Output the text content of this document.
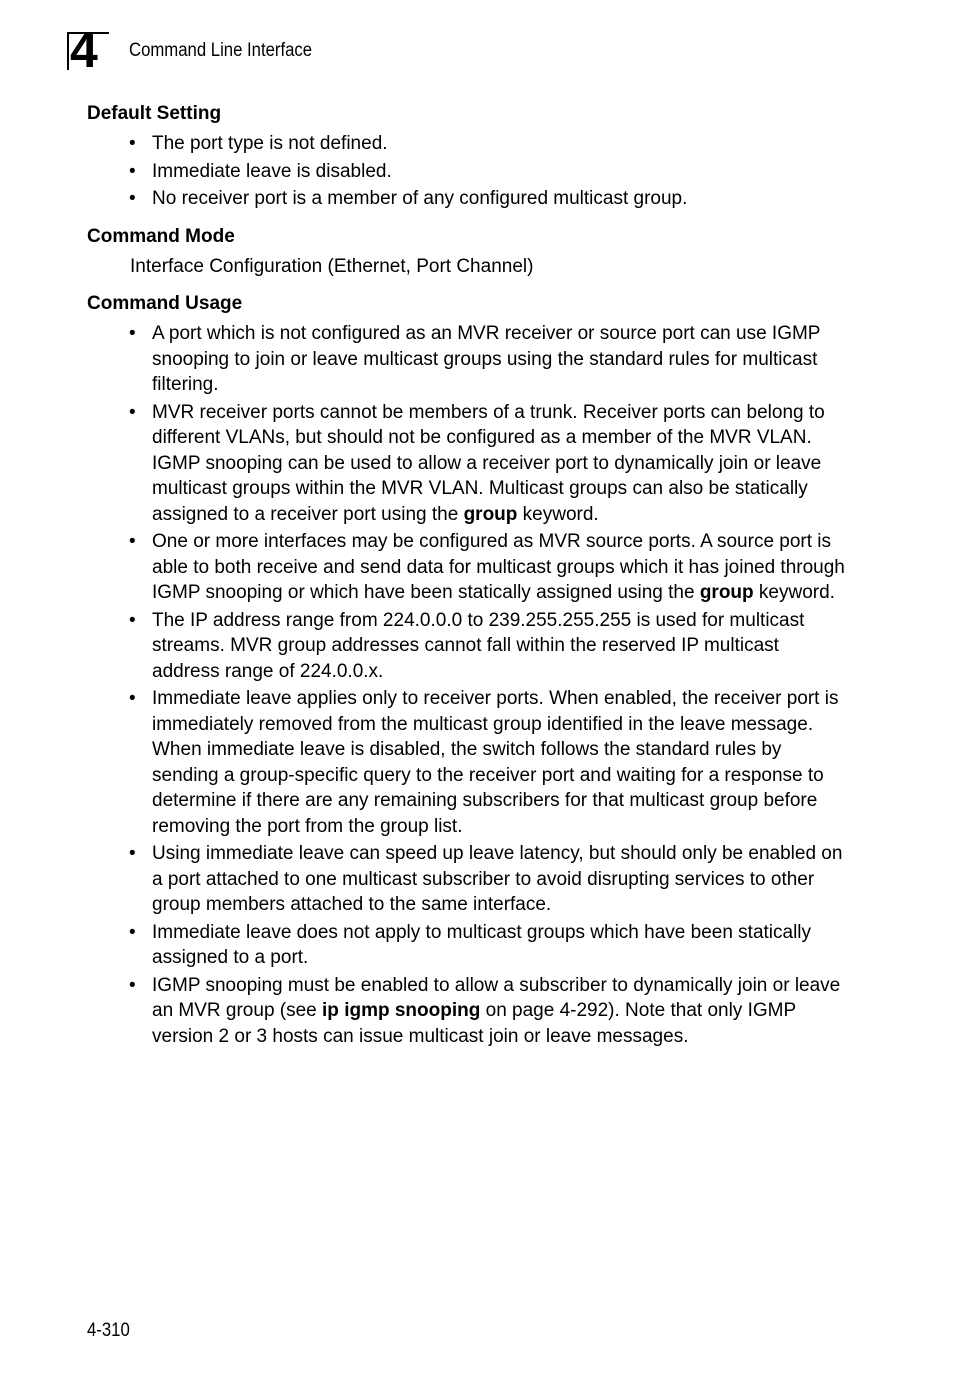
4 Command Line Interface

Default Setting

• The port type is not defined.
• Immediate leave is disabled.
• No receiver port is a member of any configured multicast group.

Command Mode

Interface Configuration (Ethernet, Port Channel)

Command Usage

• A port which is not configured as an MVR receiver or source port can use IGMP snooping to join or leave multicast groups using the standard rules for multicast filtering.
• MVR receiver ports cannot be members of a trunk. Receiver ports can belong to different VLANs, but should not be configured as a member of the MVR VLAN. IGMP snooping can be used to allow a receiver port to dynamically join or leave multicast groups within the MVR VLAN. Multicast groups can also be statically assigned to a receiver port using the group keyword.
• One or more interfaces may be configured as MVR source ports. A source port is able to both receive and send data for multicast groups which it has joined through IGMP snooping or which have been statically assigned using the group keyword.
• The IP address range from 224.0.0.0 to 239.255.255.255 is used for multicast streams. MVR group addresses cannot fall within the reserved IP multicast address range of 224.0.0.x.
• Immediate leave applies only to receiver ports. When enabled, the receiver port is immediately removed from the multicast group identified in the leave message. When immediate leave is disabled, the switch follows the standard rules by sending a group-specific query to the receiver port and waiting for a response to determine if there are any remaining subscribers for that multicast group before removing the port from the group list.
• Using immediate leave can speed up leave latency, but should only be enabled on a port attached to one multicast subscriber to avoid disrupting services to other group members attached to the same interface.
• Immediate leave does not apply to multicast groups which have been statically assigned to a port.
• IGMP snooping must be enabled to allow a subscriber to dynamically join or leave an MVR group (see ip igmp snooping on page 4-292). Note that only IGMP version 2 or 3 hosts can issue multicast join or leave messages.
4-310
